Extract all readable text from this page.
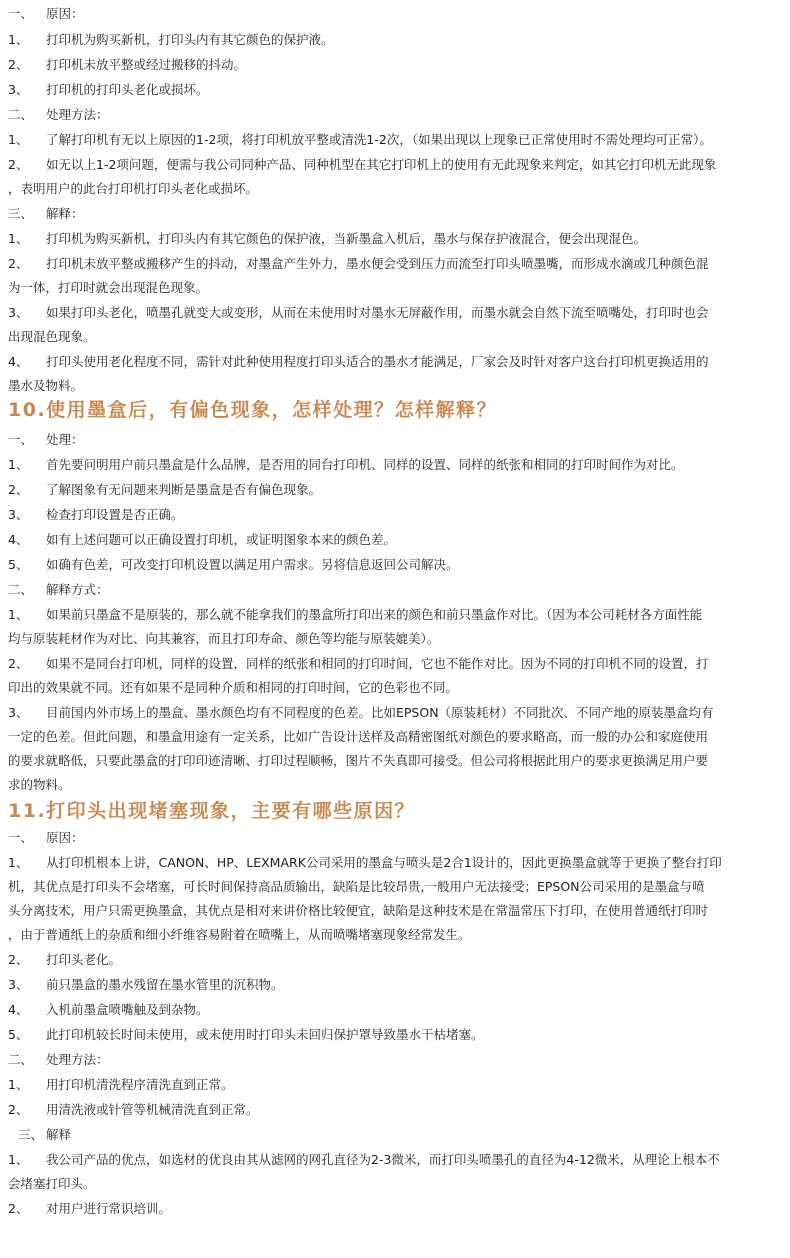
一、 原因：
1、 打印机为购买新机，打印头内有其它颜色的保护液。
2、 打印机未放平整或经过搬移的抖动。
3、 打印机的打印头老化或损坏。
二、 处理方法：
1、 了解打印机有无以上原因的1-2项，将打印机放平整或清洗1-2次，（如果出现以上现象已正常使用时不需处理均可正常）。
2、 如无以上1-2项问题，便需与我公司同种产品、同种机型在其它打印机上的使用有无此现象来判定，如其它打印机无此现象
，表明用户的此台打印机打印头老化或损坏。
三、 解释：
1、 打印机为购买新机，打印头内有其它颜色的保护液，当新墨盒入机后，墨水与保存护液混合，便会出现混色。
2、 打印机未放平整或搬移产生的抖动，对墨盒产生外力，墨水便会受到压力而流至打印头喷墨嘴，而形成水滴或几种颜色混
为一体，打印时就会出现混色现象。
3、 如果打印头老化，喷墨孔就变大或变形，从而在未使用时对墨水无屏蔽作用，而墨水就会自然下流至喷嘴处，打印时也会
出现混色现象。
4、 打印头使用老化程度不同，需针对此种使用程度打印头适合的墨水才能满足，厂家会及时针对客户这台打印机更换适用的
墨水及物料。
10.使用墨盒后，有偏色现象，怎样处理？怎样解释？
一、 处理：
1、 首先要问明用户前只墨盒是什么品牌，是否用的同台打印机、同样的设置、同样的纸张和相同的打印时间作为对比。
2、 了解图象有无问题来判断是墨盒是否有偏色现象。
3、 检查打印设置是否正确。
4、 如有上述问题可以正确设置打印机，或证明图象本来的颜色差。
5、 如确有色差，可改变打印机设置以满足用户需求。另将信息返回公司解决。
二、 解释方式：
1、 如果前只墨盒不是原装的，那么就不能拿我们的墨盒所打印出来的颜色和前只墨盒作对比。（因为本公司耗材各方面性能
均与原装耗材作为对比、向其兼容，而且打印寿命、颜色等均能与原装媲美）。
2、 如果不是同台打印机，同样的设置，同样的纸张和相同的打印时间，它也不能作对比。因为不同的打印机不同的设置，打
印出的效果就不同。还有如果不是同种介质和相同的打印时间，它的色彩也不同。
3、 目前国内外市场上的墨盒、墨水颜色均有不同程度的色差。比如EPSON（原装耗材）不同批次、不同产地的原装墨盒均有
一定的色差。但此问题，和墨盒用途有一定关系，比如广告设计送样及高精密图纸对颜色的要求略高，而一般的办公和家庭使用
的要求就略低，只要此墨盒的打印印迹清晰、打印过程顺畅，图片不失真即可接受。但公司将根据此用户的要求更换满足用户要
求的物料。
11.打印头出现堵塞现象，主要有哪些原因？
一、 原因：
1、 从打印机根本上讲，CANON、HP、LEXMARK公司采用的墨盒与喷头是2合1设计的，因此更换墨盒就等于更换了整台打印
机，其优点是打印头不会堵塞，可长时间保持高品质输出，缺陷是比较昂贵,一般用户无法接受；EPSON公司采用的是墨盒与喷
头分离技术，用户只需更换墨盒，其优点是相对来讲价格比较便宜，缺陷是这种技术是在常温常压下打印，在使用普通纸打印时
，由于普通纸上的杂质和细小纤维容易附着在喷嘴上，从而喷嘴堵塞现象经常发生。
2、 打印头老化。
3、 前只墨盒的墨水残留在墨水管里的沉积物。
4、 入机前墨盒喷嘴触及到杂物。
5、 此打印机较长时间未使用，或未使用时打印头未回归保护罩导致墨水干枯堵塞。
二、 处理方法：
1、 用打印机清洗程序清洗直到正常。
2、 用清洗液或针管等机械清洗直到正常。
三、 解释
1、 我公司产品的优点，如选材的优良由其从滤网的网孔直径为2-3微米，而打印头喷墨孔的直径为4-12微米，从理论上根本不
会堵塞打印头。
2、 对用户进行常识培训。
